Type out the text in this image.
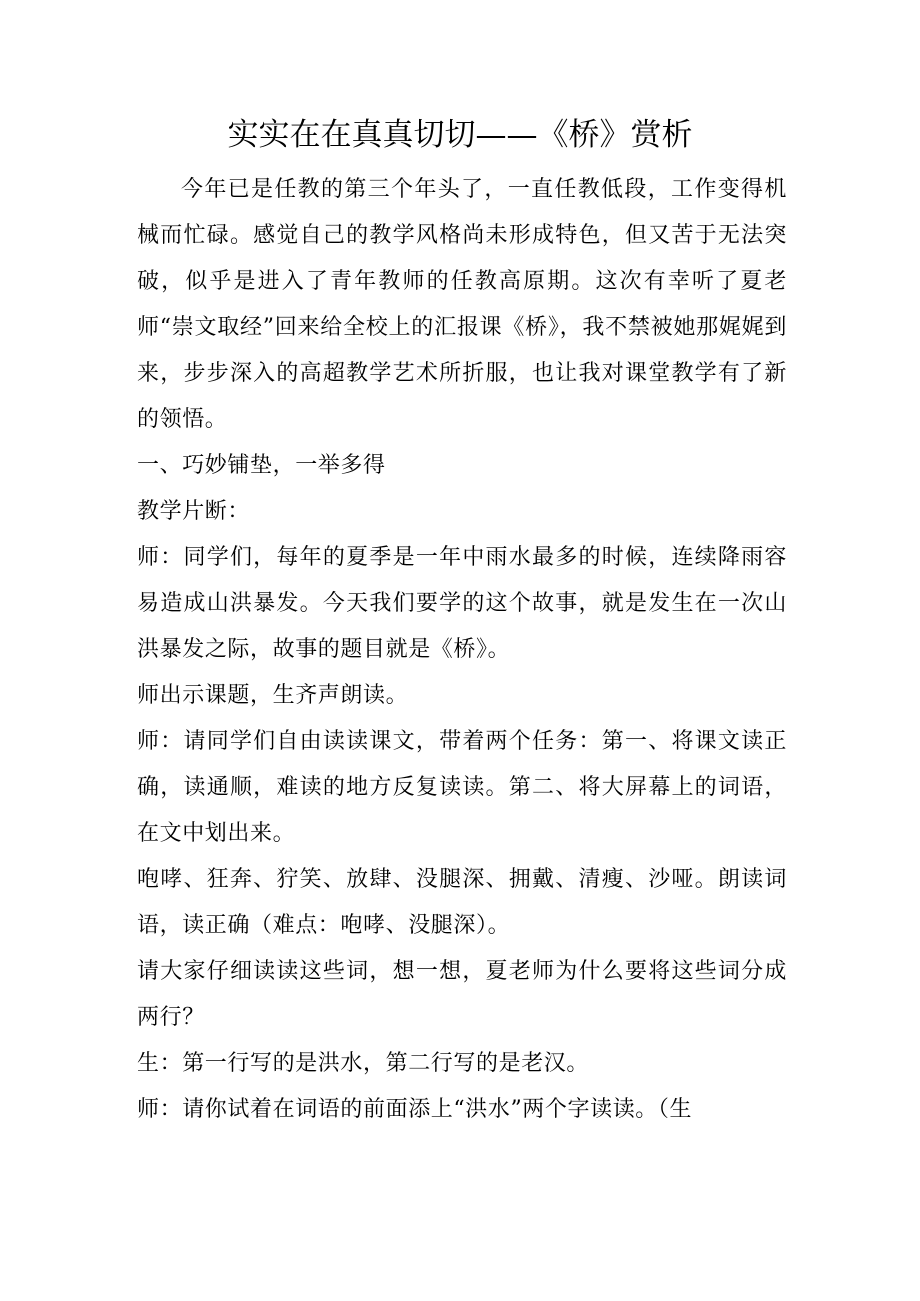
实实在在真真切切——《桥》赏析

今年已是任教的第三个年头了，一直任教低段，工作变得机械而忙碌。感觉自己的教学风格尚未形成特色，但又苦于无法突破，似乎是进入了青年教师的任教高原期。这次有幸听了夏老师“崇文取经”回来给全校上的汇报课《桥》，我不禁被她那娓娓到来，步步深入的高超教学艺术所折服，也让我对课堂教学有了新的领悟。

一、巧妙铺垫，一举多得

教学片断：

师：同学们，每年的夏季是一年中雨水最多的时候，连续降雨容易造成山洪暴发。今天我们要学的这个故事，就是发生在一次山洪暴发之际，故事的题目就是《桥》。

师出示课题，生齐声朗读。

师：请同学们自由读读课文，带着两个任务：第一、将课文读正确，读通顺，难读的地方反复读读。第二、将大屏幕上的词语，在文中划出来。

咆哮、狂奔、狞笑、放肆、没腿深、拥戴、清瘦、沙哑。朗读词语，读正确（难点：咆哮、没腿深）。

请大家仔细读读这些词，想一想，夏老师为什么要将这些词分成两行？

生：第一行写的是洪水，第二行写的是老汉。

师：请你试着在词语的前面添上“洪水”两个字读读。（生
